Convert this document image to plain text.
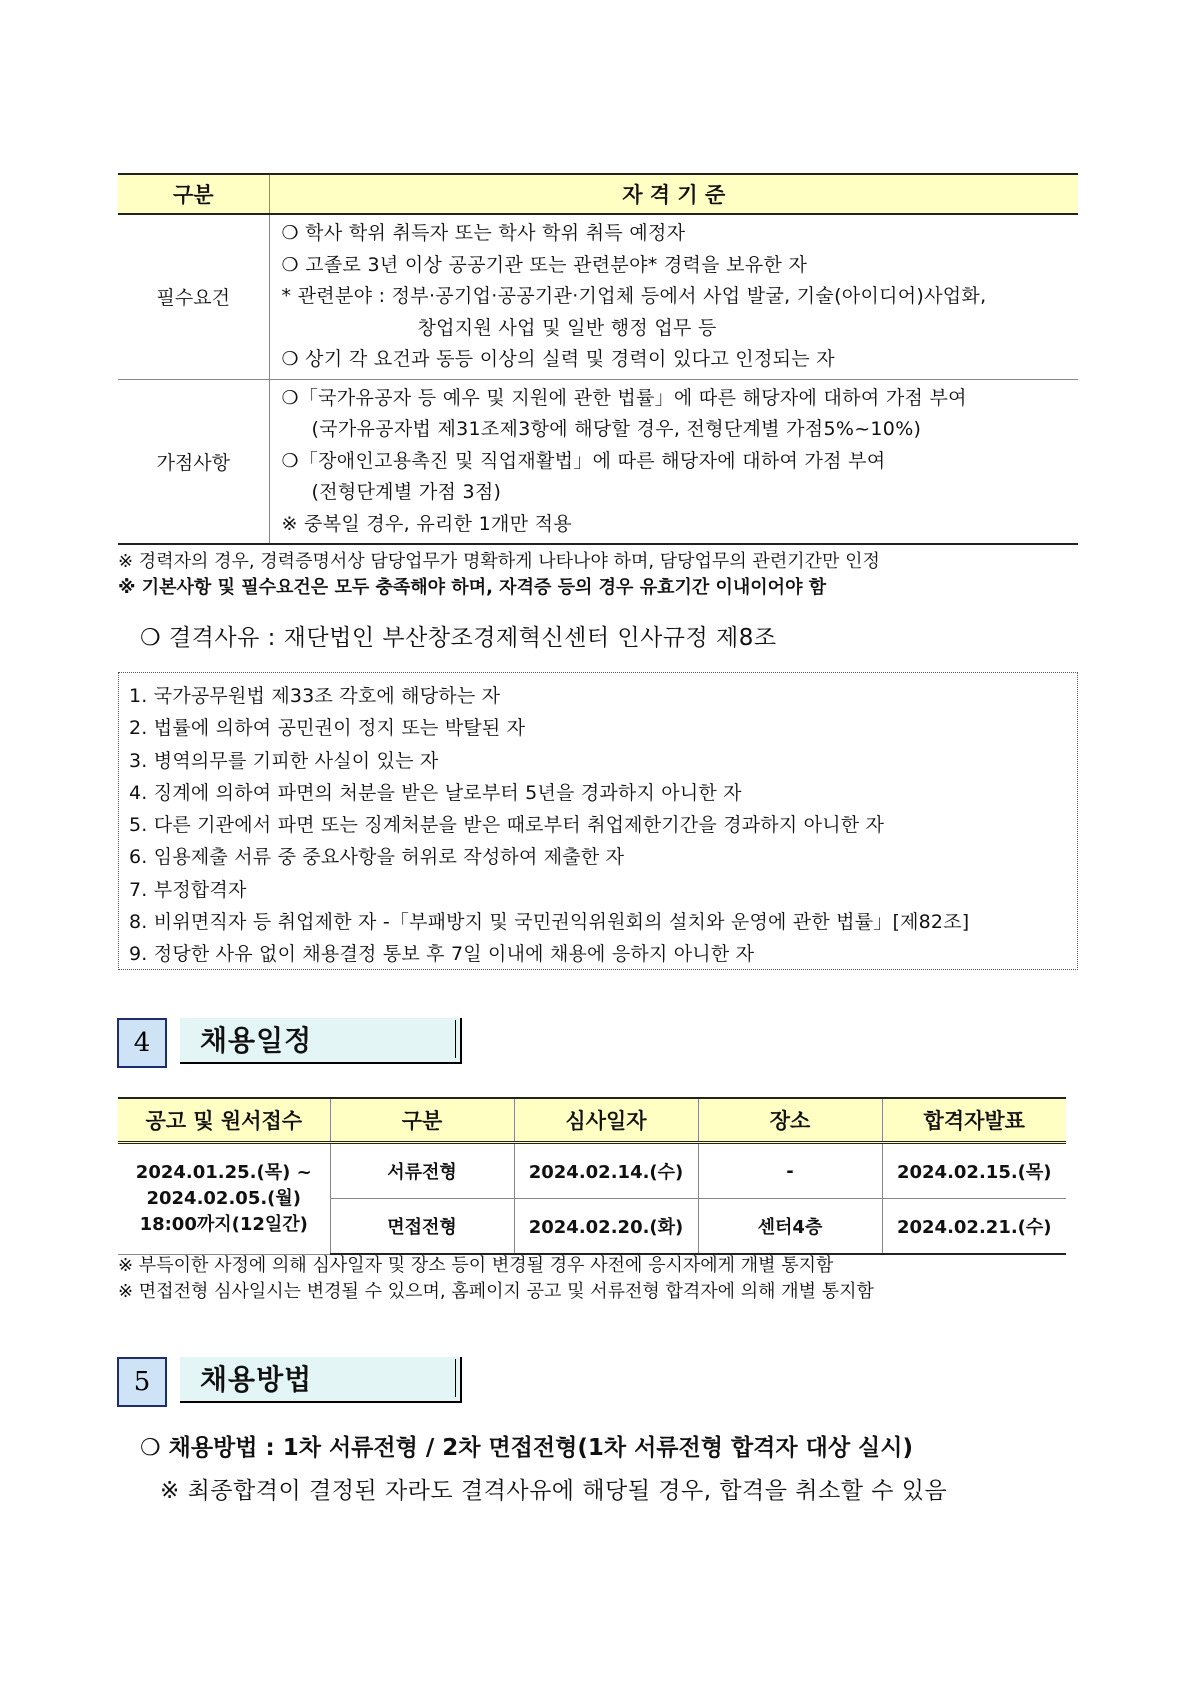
구분	자 격 기 준
필수요건	❍ 학사 학위 취득자 또는 학사 학위 취득 예정자
❍ 고졸로 3년 이상 공공기관 또는 관련분야* 경력을 보유한 자
* 관련분야 : 정부·공기업·공공기관·기업체 등에서 사업 발굴, 기술(아이디어)사업화,
창업지원 사업 및 일반 행정 업무 등
❍ 상기 각 요건과 동등 이상의 실력 및 경력이 있다고 인정되는 자

가점사항	❍「국가유공자 등 예우 및 지원에 관한 법률」에 따른 해당자에 대하여 가점 부여
(국가유공자법 제31조제3항에 해당할 경우, 전형단계별 가점5%~10%)
❍「장애인고용촉진 및 직업재활법」에 따른 해당자에 대하여 가점 부여
(전형단계별 가점 3점)
※ 중복일 경우, 유리한 1개만 적용
※ 경력자의 경우, 경력증명서상 담당업무가 명확하게 나타나야 하며, 담당업무의 관련기간만 인정
※ 기본사항 및 필수요건은 모두 충족해야 하며, 자격증 등의 경우 유효기간 이내이어야 함
❍ 결격사유 : 재단법인 부산창조경제혁신센터 인사규정 제8조
1. 국가공무원법 제33조 각호에 해당하는 자
2. 법률에 의하여 공민권이 정지 또는 박탈된 자
3. 병역의무를 기피한 사실이 있는 자
4. 징계에 의하여 파면의 처분을 받은 날로부터 5년을 경과하지 아니한 자
5. 다른 기관에서 파면 또는 징계처분을 받은 때로부터 취업제한기간을 경과하지 아니한 자
6. 임용제출 서류 중 중요사항을 허위로 작성하여 제출한 자
7. 부정합격자
8. 비위면직자 등 취업제한 자 -「부패방지 및 국민권익위원회의 설치와 운영에 관한 법률」[제82조]
9. 정당한 사유 없이 채용결정 통보 후 7일 이내에 채용에 응하지 아니한 자
4	채용일정
공고 및 원서접수	구분	심사일자	장소	합격자발표

2024.01.25.(목) ~
2024.02.05.(월)
18:00까지(12일간)	서류전형	2024.02.14.(수)	-	2024.02.15.(목)
	면접전형	2024.02.20.(화)	센터4층	2024.02.21.(수)
※ 부득이한 사정에 의해 심사일자 및 장소 등이 변경될 경우 사전에 응시자에게 개별 통지함
※ 면접전형 심사일시는 변경될 수 있으며, 홈페이지 공고 및 서류전형 합격자에 의해 개별 통지함
5	채용방법
❍ 채용방법 : 1차 서류전형 / 2차 면접전형(1차 서류전형 합격자 대상 실시)
※ 최종합격이 결정된 자라도 결격사유에 해당될 경우, 합격을 취소할 수 있음
